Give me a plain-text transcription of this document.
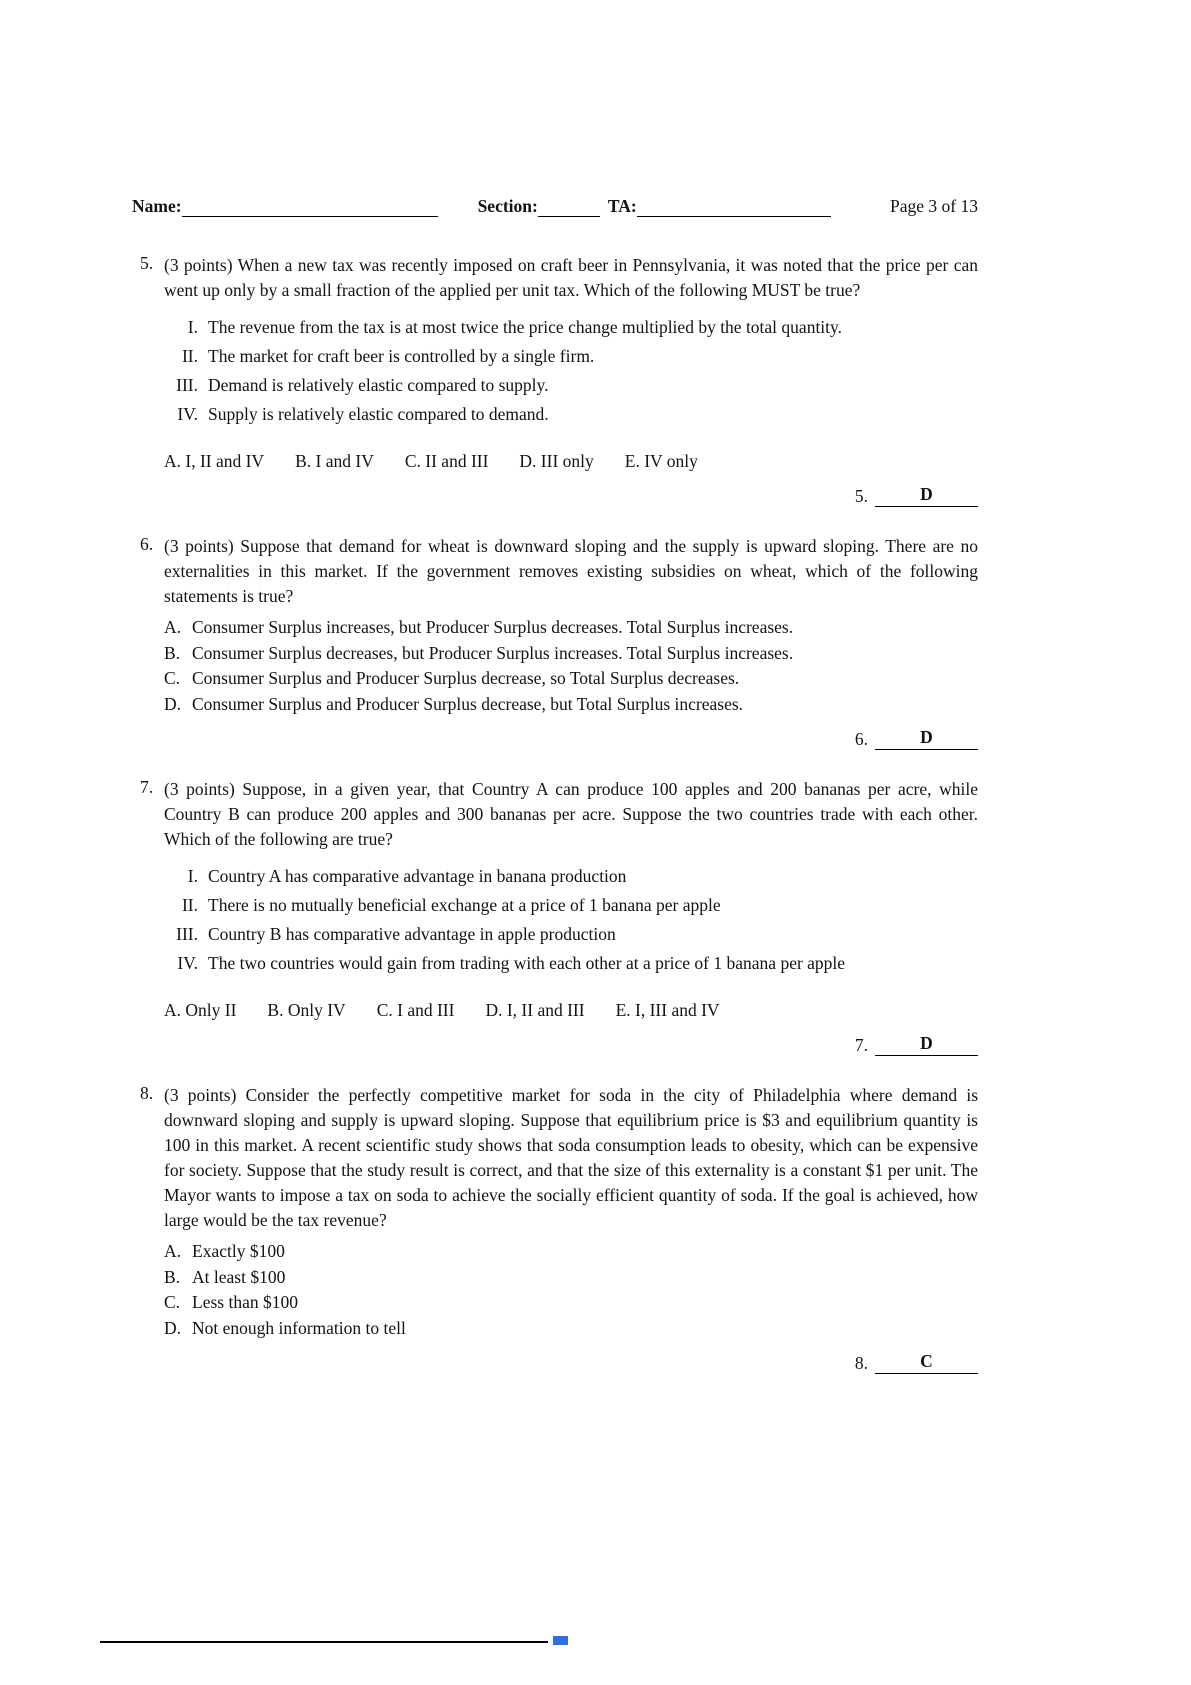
Name:	Section:	TA:	Page 3 of 13
5. (3 points) When a new tax was recently imposed on craft beer in Pennsylvania, it was noted that the price per can went up only by a small fraction of the applied per unit tax. Which of the following MUST be true?

I. The revenue from the tax is at most twice the price change multiplied by the total quantity.
II. The market for craft beer is controlled by a single firm.
III. Demand is relatively elastic compared to supply.
IV. Supply is relatively elastic compared to demand.
A. I, II and IV B. I and IV C. II and III D. III only E. IV only
5.	D
6. (3 points) Suppose that demand for wheat is downward sloping and the supply is upward sloping. There are no externalities in this market. If the government removes existing subsidies on wheat, which of the following statements is true?

A. Consumer Surplus increases, but Producer Surplus decreases. Total Surplus increases.
B. Consumer Surplus decreases, but Producer Surplus increases. Total Surplus increases.
C. Consumer Surplus and Producer Surplus decrease, so Total Surplus decreases.
D. Consumer Surplus and Producer Surplus decrease, but Total Surplus increases.
6.	D
7. (3 points) Suppose, in a given year, that Country A can produce 100 apples and 200 bananas per acre, while Country B can produce 200 apples and 300 bananas per acre. Suppose the two countries trade with each other. Which of the following are true?

I. Country A has comparative advantage in banana production
II. There is no mutually beneficial exchange at a price of 1 banana per apple
III. Country B has comparative advantage in apple production
IV. The two countries would gain from trading with each other at a price of 1 banana per apple
A. Only II B. Only IV C. I and III D. I, II and III E. I, III and IV
7.	D
8. (3 points) Consider the perfectly competitive market for soda in the city of Philadelphia where demand is downward sloping and supply is upward sloping. Suppose that equilibrium price is $3 and equilibrium quantity is 100 in this market. A recent scientific study shows that soda consumption leads to obesity, which can be expensive for society. Suppose that the study result is correct, and that the size of this externality is a constant $1 per unit. The Mayor wants to impose a tax on soda to achieve the socially efficient quantity of soda. If the goal is achieved, how large would be the tax revenue?

A. Exactly $100
B. At least $100
C. Less than $100
D. Not enough information to tell
8.	C
